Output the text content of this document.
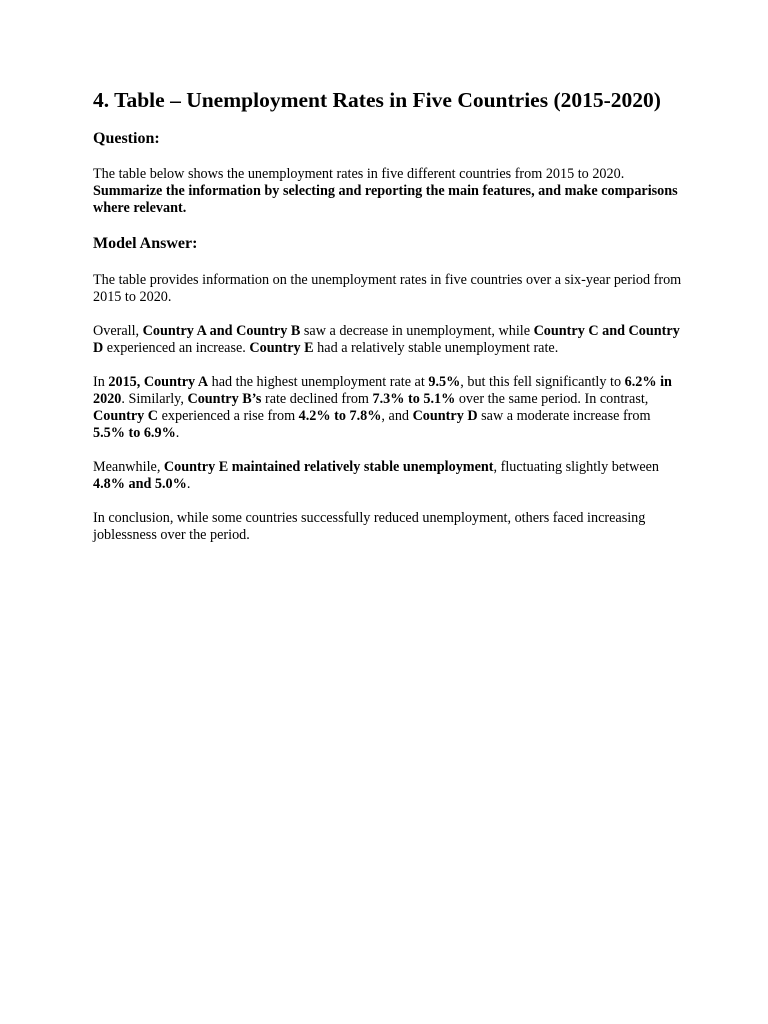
4. Table – Unemployment Rates in Five Countries (2015-2020)
Question:

The table below shows the unemployment rates in five different countries from 2015 to 2020. Summarize the information by selecting and reporting the main features, and make comparisons where relevant.

Model Answer:

The table provides information on the unemployment rates in five countries over a six-year period from 2015 to 2020.

Overall, Country A and Country B saw a decrease in unemployment, while Country C and Country D experienced an increase. Country E had a relatively stable unemployment rate.

In 2015, Country A had the highest unemployment rate at 9.5%, but this fell significantly to 6.2% in 2020. Similarly, Country B’s rate declined from 7.3% to 5.1% over the same period. In contrast, Country C experienced a rise from 4.2% to 7.8%, and Country D saw a moderate increase from 5.5% to 6.9%.

Meanwhile, Country E maintained relatively stable unemployment, fluctuating slightly between 4.8% and 5.0%.

In conclusion, while some countries successfully reduced unemployment, others faced increasing joblessness over the period.
